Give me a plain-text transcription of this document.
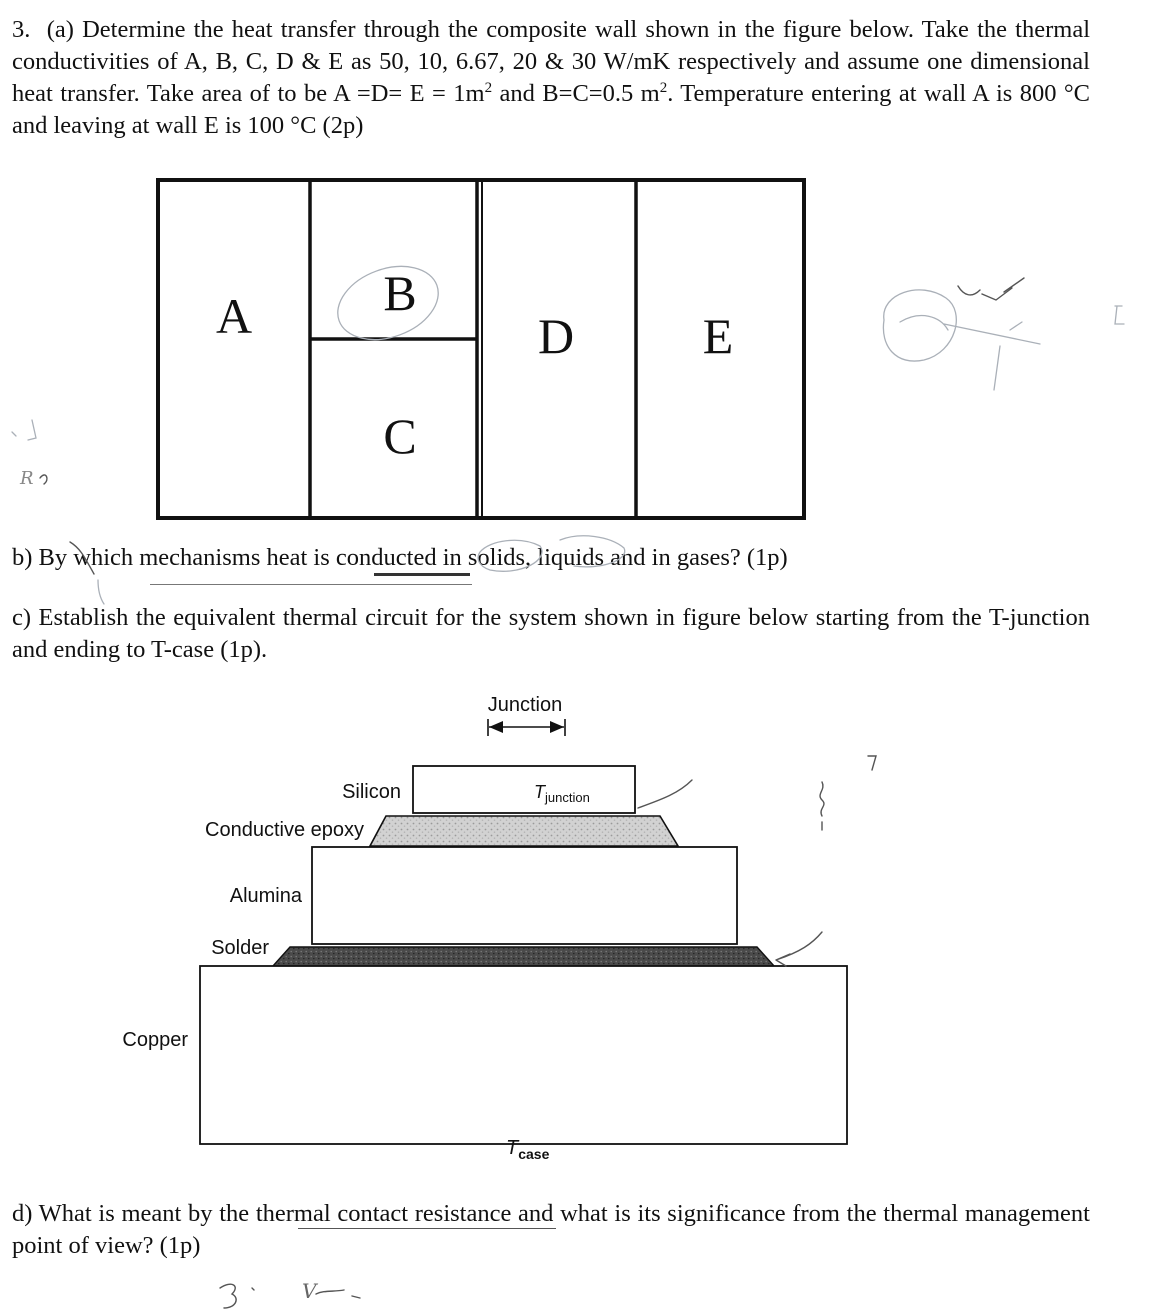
3. (a) Determine the heat transfer through the composite wall shown in the figure below. Take the thermal conductivities of A, B, C, D & E as 50, 10, 6.67, 20 & 30 W/mK respectively and assume one dimensional heat transfer. Take area of to be $A =D= E = 1m^2$ and B=C=0.5 $m^2$. Temperature entering at wall A is 800 °C and leaving at wall E is 100 °C (2p)

A	B
C
D	E

b) By which mechanisms heat is conducted in solids, liquids and in gases? (1p)

c) Establish the equivalent thermal circuit for the system shown in figure below starting from the T-junction and ending to T-case (1p).

Junction
$T_{junction}$
Silicon
Conductive epoxy
Alumina
Solder
Copper
$T_{case}$

d) What is meant by the thermal contact resistance and what is its significance from the thermal management point of view? (1p)

R
V
